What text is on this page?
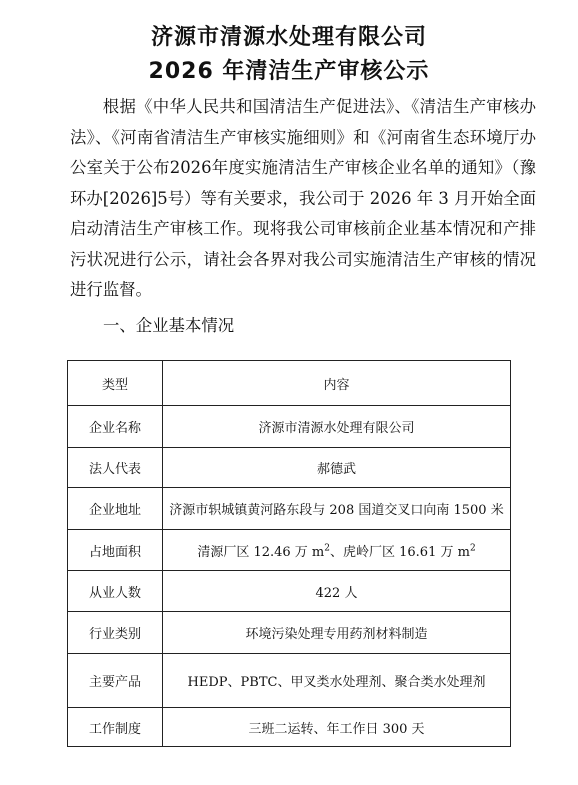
济源市清源水处理有限公司
2026 年清洁生产审核公示

根据《中华人民共和国清洁生产促进法》、《清洁生产审核办法》、《河南省清洁生产审核实施细则》和《河南省生态环境厅办公室关于公布2026年度实施清洁生产审核企业名单的通知》（豫环办[2026]5号）等有关要求，我公司于 2026 年 3 月开始全面启动清洁生产审核工作。现将我公司审核前企业基本情况和产排污状况进行公示，请社会各界对我公司实施清洁生产审核的情况进行监督。

一、企业基本情况
类型	内容
企业名称	济源市清源水处理有限公司
法人代表	郝德武
企业地址	济源市轵城镇黄河路东段与 208 国道交叉口向南 1500 米
占地面积	清源厂区 12.46 万 $m^2$、虎岭厂区 16.61 万 $m^2$
从业人数	422 人
行业类别	环境污染处理专用药剂材料制造
主要产品	HEDP、PBTC、甲叉类水处理剂、聚合类水处理剂
工作制度	三班二运转、年工作日 300 天
